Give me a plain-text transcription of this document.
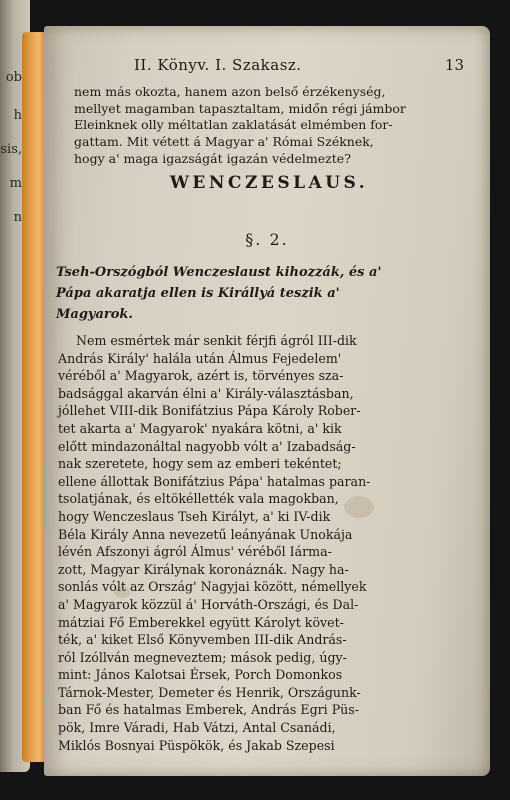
ob
h
sis,
m
n
II. Könyv. I. Szakasz.	13
nem más okozta, hanem azon belső érzékenység,
mellyet magamban tapasztaltam, midőn régi jámbor
Eleinknek olly méltatlan zaklatását elmémben for-
gattam. Mit vétett á Magyar a' Római Széknek,
hogy a' maga igazságát igazán védelmezte?
WENCZESLAUS.
§. 2.
Tseh-Orszógból Wenczeslaust kihozzák, és a'
Pápa akaratja ellen is Királlyá teszik a'
Magyarok.
Nem esmértek már senkit férjfi ágról III-dik
András Király' halála után Álmus Fejedelem'
véréből a' Magyarok, azért is, törvényes sza-
badsággal akarván élni a' Király-választásban,
jóllehet VIII-dik Bonifátzius Pápa Károly Rober-
tet akarta a' Magyarok' nyakára kötni, a' kik
előtt mindazonáltal nagyobb vólt a' Izabadság-
nak szeretete, hogy sem az emberi tekéntet;
ellene állottak Bonifátzius Pápa' hatalmas paran-
tsolatjának, és eltökéllették vala magokban,
hogy Wenczeslaus Tseh Királyt, a' ki IV-dik
Béla Király Anna nevezetű leányának Unokája
lévén Afszonyi ágról Álmus' véréből Iárma-
zott, Magyar Királynak koronáznák. Nagy ha-
sonlás vólt az Ország' Nagyjai között, némellyek
a' Magyarok közzül á' Horváth-Országi, és Dal-
mátziai Fő Emberekkel együtt Károlyt követ-
ték, a' kiket Első Könyvemben III-dik András-
ról Izóllván megneveztem; mások pedig, úgy-
mint: János Kalotsai Érsek, Porch Domonkos
Tárnok-Mester, Demeter és Henrik, Országunk-
ban Fő és hatalmas Emberek, András Egri Püs-
pök, Imre Váradi, Hab Vátzi, Antal Csanádi,
Miklós Bosnyai Püspökök, és Jakab Szepesi
